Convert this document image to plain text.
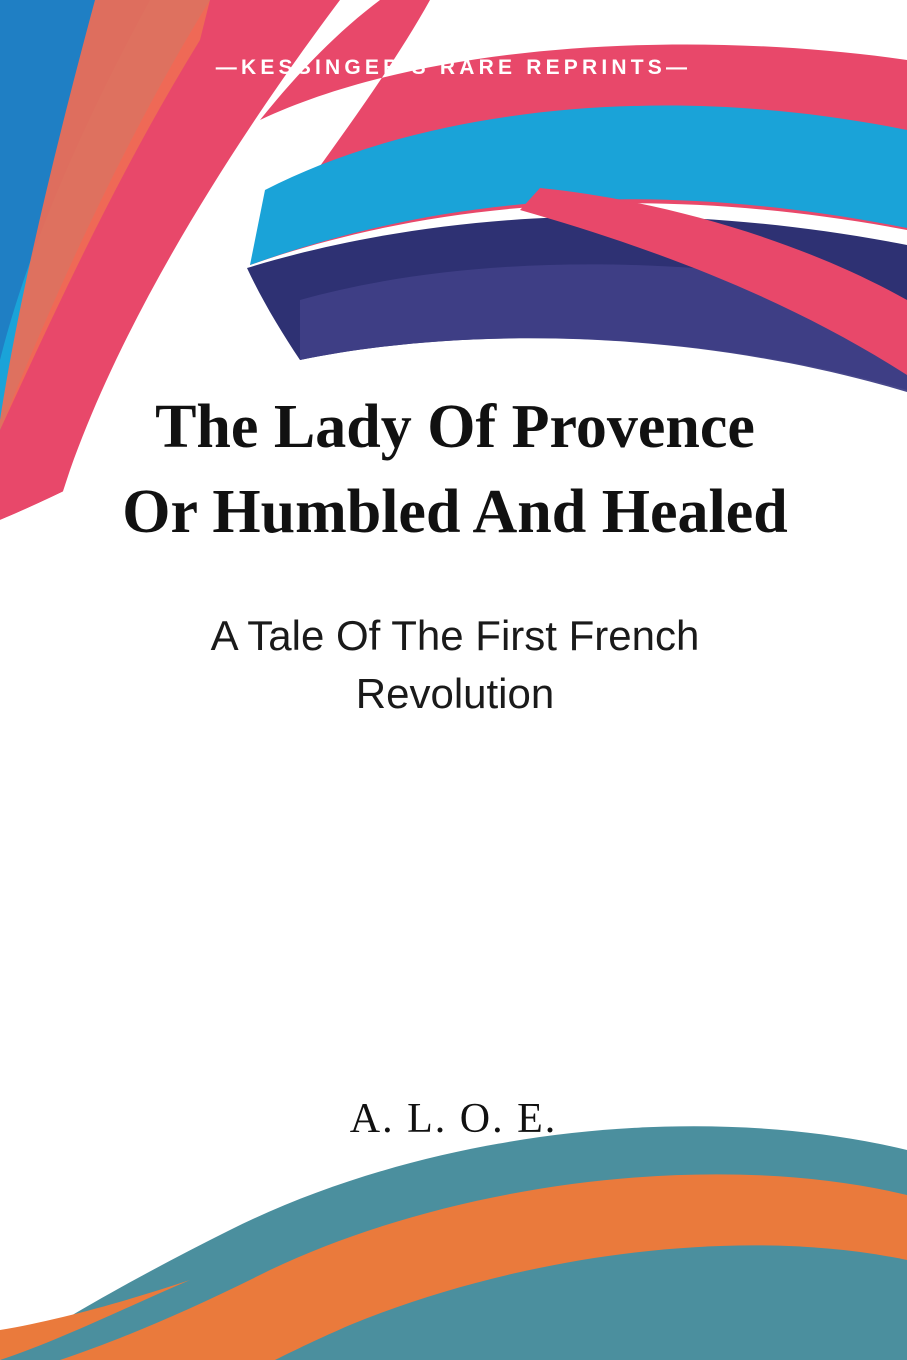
—KESSINGER'S RARE REPRINTS—
The Lady Of Provence Or Humbled And Healed
A Tale Of The First French Revolution
A. L. O. E.
